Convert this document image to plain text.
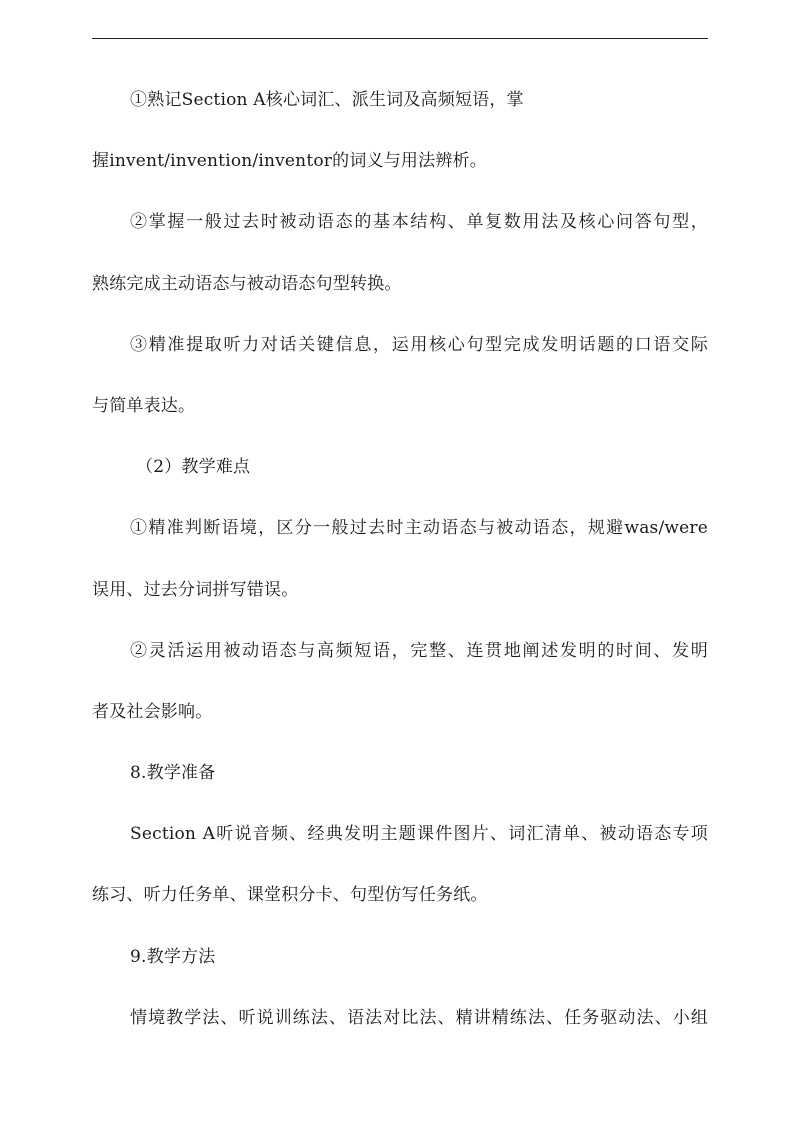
①熟记Section A核心词汇、派生词及高频短语，掌
握invent/invention/inventor的词义与用法辨析。
②掌握一般过去时被动语态的基本结构、单复数用法及核心问答句型，
熟练完成主动语态与被动语态句型转换。
③精准提取听力对话关键信息，运用核心句型完成发明话题的口语交际
与简单表达。
（2）教学难点
①精准判断语境，区分一般过去时主动语态与被动语态，规避was/were
误用、过去分词拼写错误。
②灵活运用被动语态与高频短语，完整、连贯地阐述发明的时间、发明
者及社会影响。
8.教学准备
Section A听说音频、经典发明主题课件图片、词汇清单、被动语态专项
练习、听力任务单、课堂积分卡、句型仿写任务纸。
9.教学方法
情境教学法、听说训练法、语法对比法、精讲精练法、任务驱动法、小组
